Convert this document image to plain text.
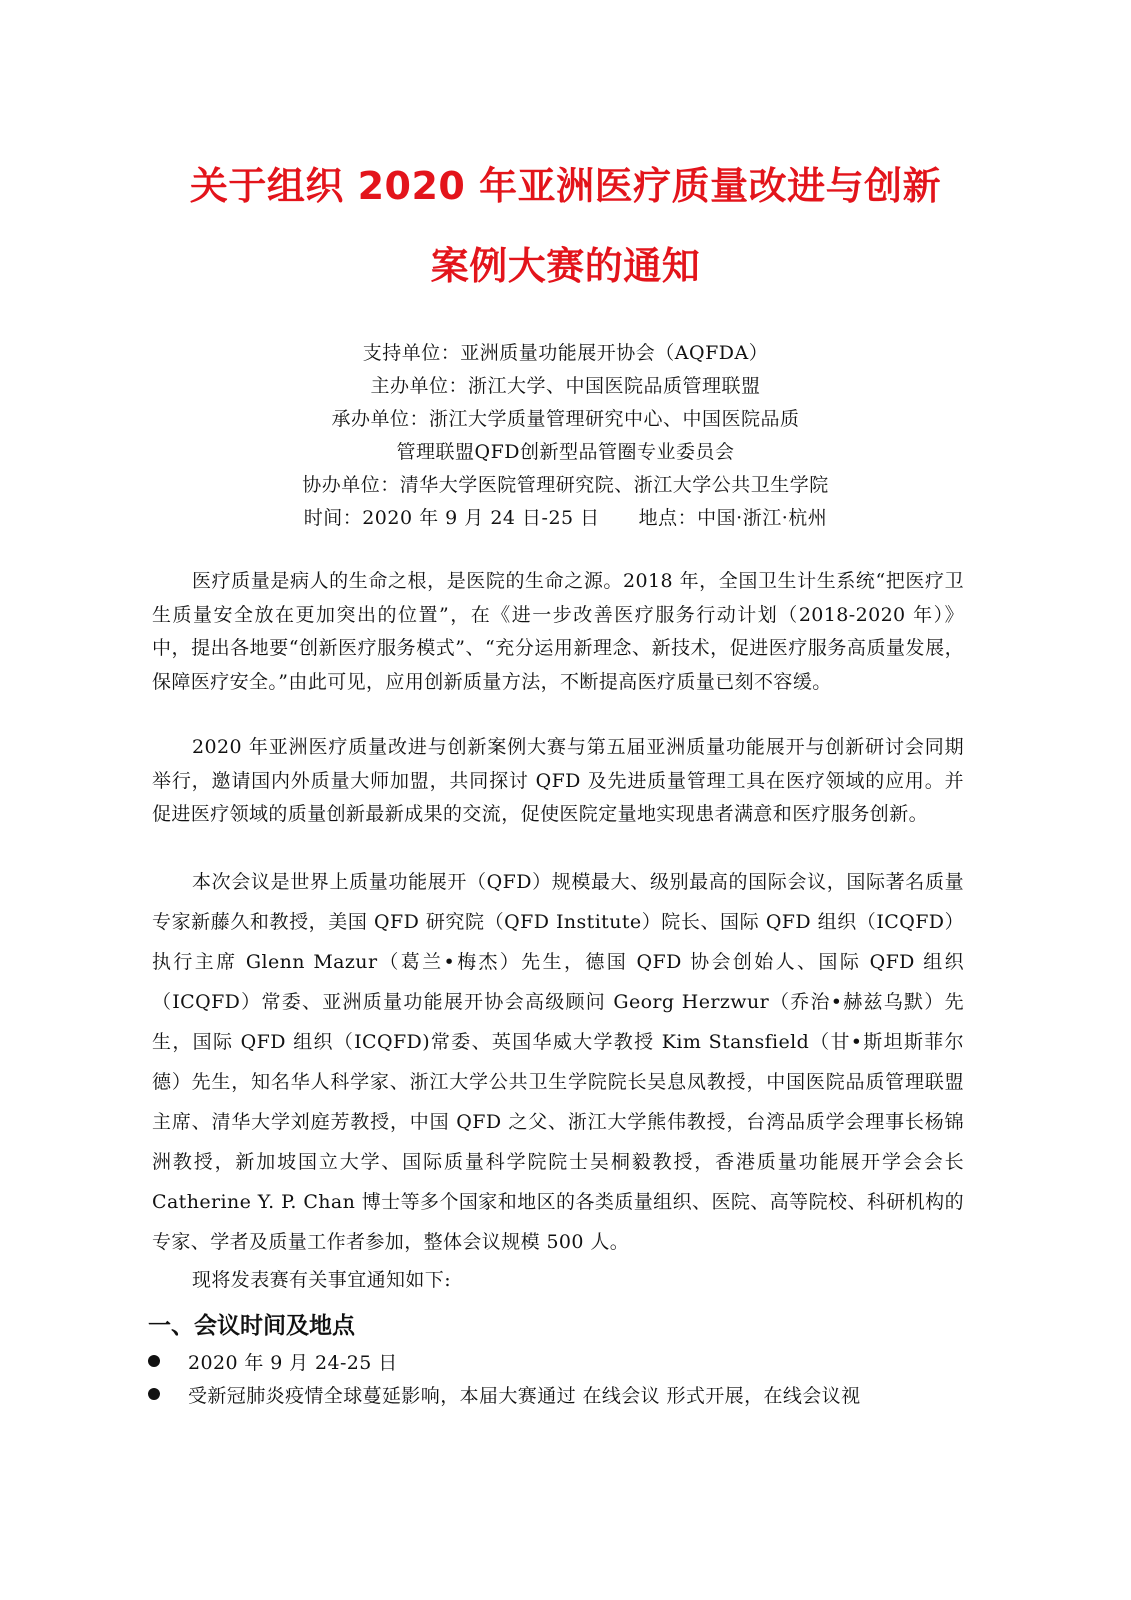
关于组织 2020 年亚洲医疗质量改进与创新
案例大赛的通知
支持单位：亚洲质量功能展开协会（AQFDA）
主办单位：浙江大学、中国医院品质管理联盟
承办单位：浙江大学质量管理研究中心、中国医院品质
管理联盟QFD创新型品管圈专业委员会
协办单位：清华大学医院管理研究院、浙江大学公共卫生学院
时间：2020 年 9 月 24 日-25 日　　地点：中国·浙江·杭州

医疗质量是病人的生命之根，是医院的生命之源。2018 年，全国卫生计生系统“把医疗卫生质量安全放在更加突出的位置”，在《进一步改善医疗服务行动计划（2018-2020 年）》中，提出各地要“创新医疗服务模式”、“充分运用新理念、新技术，促进医疗服务高质量发展，保障医疗安全。”由此可见，应用创新质量方法，不断提高医疗质量已刻不容缓。

2020 年亚洲医疗质量改进与创新案例大赛与第五届亚洲质量功能展开与创新研讨会同期举行，邀请国内外质量大师加盟，共同探讨 QFD 及先进质量管理工具在医疗领域的应用。并促进医疗领域的质量创新最新成果的交流，促使医院定量地实现患者满意和医疗服务创新。

本次会议是世界上质量功能展开（QFD）规模最大、级别最高的国际会议，国际著名质量专家新藤久和教授，美国 QFD 研究院（QFD Institute）院长、国际 QFD 组织（ICQFD）执行主席 Glenn Mazur（葛兰•梅杰）先生，德国 QFD 协会创始人、国际 QFD 组织（ICQFD）常委、亚洲质量功能展开协会高级顾问 Georg Herzwur（乔治•赫兹乌默）先生，国际 QFD 组织（ICQFD)常委、英国华威大学教授 Kim Stansfield（甘•斯坦斯菲尔德）先生，知名华人科学家、浙江大学公共卫生学院院长吴息凤教授，中国医院品质管理联盟主席、清华大学刘庭芳教授，中国 QFD 之父、浙江大学熊伟教授，台湾品质学会理事长杨锦洲教授，新加坡国立大学、国际质量科学院院士吴桐毅教授，香港质量功能展开学会会长 Catherine Y. P. Chan 博士等多个国家和地区的各类质量组织、医院、高等院校、科研机构的专家、学者及质量工作者参加，整体会议规模 500 人。

现将发表赛有关事宜通知如下:

一、会议时间及地点
2020 年 9 月 24-25 日
受新冠肺炎疫情全球蔓延影响，本届大赛通过 在线会议 形式开展，在线会议视
